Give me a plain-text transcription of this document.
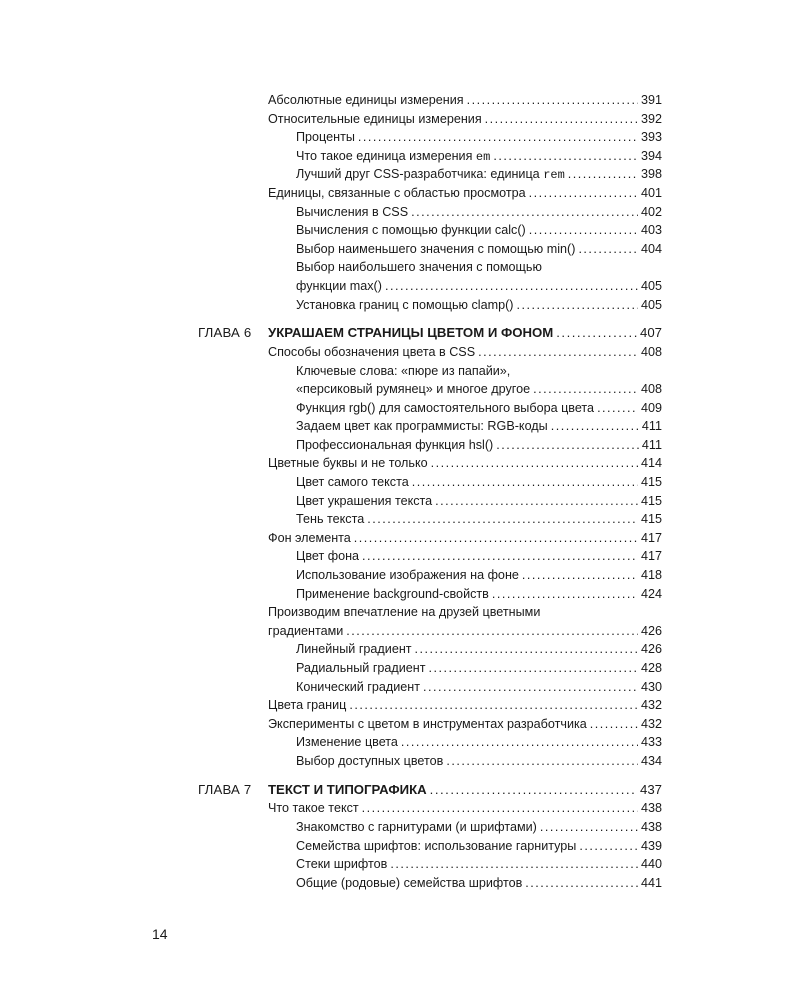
Абсолютные единицы измерения .....	391
Относительные единицы измерения .....	392
Проценты .....	393
Что такое единица измерения em .....	394
Лучший друг CSS-разработчика: единица rem .....	398
Единицы, связанные с областью просмотра .....	401
Вычисления в CSS .....	402
Вычисления с помощью функции calc() .....	403
Выбор наименьшего значения с помощью min() .....	404
Выбор наибольшего значения с помощью
функции max() .....	405
Установка границ с помощью clamp() .....	405
ГЛАВА 6 УКРАШАЕМ СТРАНИЦЫ ЦВЕТОМ И ФОНОМ .....	407
Способы обозначения цвета в CSS .....	408
Ключевые слова: «пюре из папайи»,
«персиковый румянец» и многое другое .....	408
Функция rgb() для самостоятельного выбора цвета .....	409
Задаем цвет как программисты: RGB-коды .....	411
Профессиональная функция hsl() .....	411
Цветные буквы и не только .....	414
Цвет самого текста .....	415
Цвет украшения текста .....	415
Тень текста .....	415
Фон элемента .....	417
Цвет фона .....	417
Использование изображения на фоне .....	418
Применение background-свойств .....	424
Производим впечатление на друзей цветными
градиентами .....	426
Линейный градиент .....	426
Радиальный градиент .....	428
Конический градиент .....	430
Цвета границ .....	432
Эксперименты с цветом в инструментах разработчика .....	432
Изменение цвета .....	433
Выбор доступных цветов .....	434
ГЛАВА 7 ТЕКСТ И ТИПОГРАФИКА .....	437
Что такое текст .....	438
Знакомство с гарнитурами (и шрифтами) .....	438
Семейства шрифтов: использование гарнитуры .....	439
Стеки шрифтов .....	440
Общие (родовые) семейства шрифтов .....	441
14
